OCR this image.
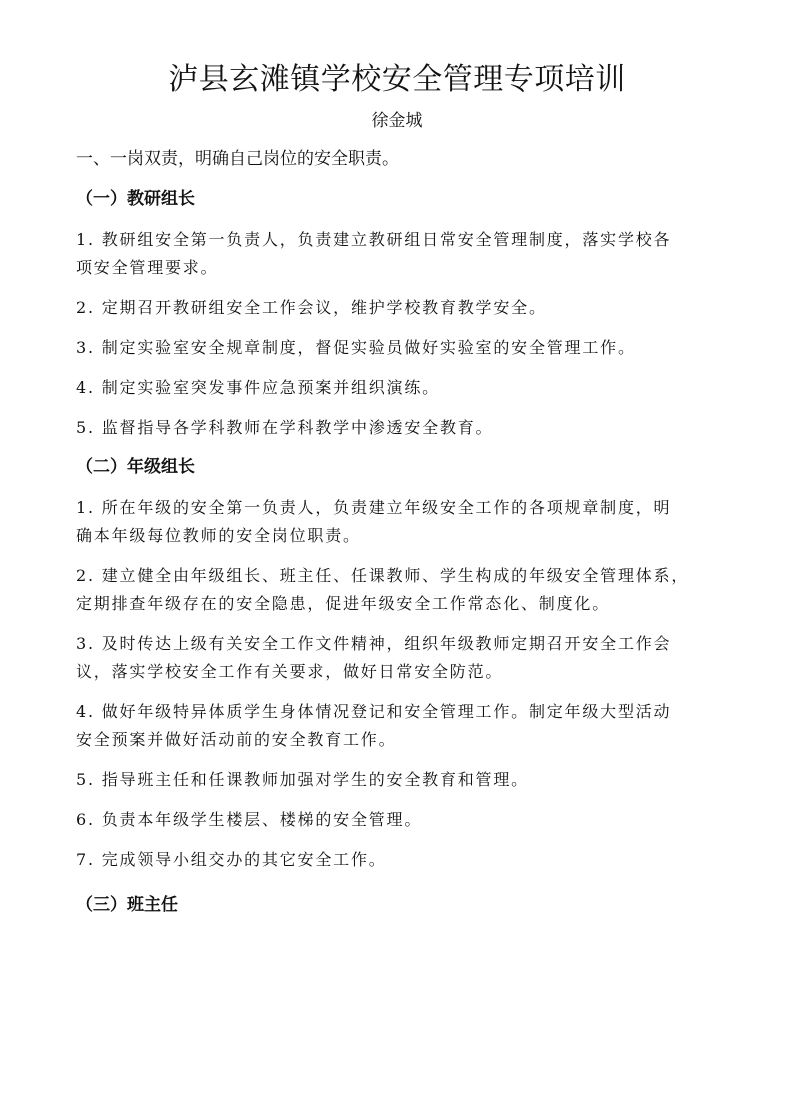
泸县玄滩镇学校安全管理专项培训
徐金城
一、一岗双责，明确自己岗位的安全职责。
（一）教研组长
1. 教研组安全第一负责人，负责建立教研组日常安全管理制度，落实学校各
项安全管理要求。
2. 定期召开教研组安全工作会议，维护学校教育教学安全。
3. 制定实验室安全规章制度，督促实验员做好实验室的安全管理工作。
4. 制定实验室突发事件应急预案并组织演练。
5. 监督指导各学科教师在学科教学中渗透安全教育。
（二）年级组长
1. 所在年级的安全第一负责人，负责建立年级安全工作的各项规章制度，明
确本年级每位教师的安全岗位职责。
2. 建立健全由年级组长、班主任、任课教师、学生构成的年级安全管理体系，
定期排查年级存在的安全隐患，促进年级安全工作常态化、制度化。
3. 及时传达上级有关安全工作文件精神，组织年级教师定期召开安全工作会
议，落实学校安全工作有关要求，做好日常安全防范。
4. 做好年级特异体质学生身体情况登记和安全管理工作。制定年级大型活动
安全预案并做好活动前的安全教育工作。
5. 指导班主任和任课教师加强对学生的安全教育和管理。
6. 负责本年级学生楼层、楼梯的安全管理。
7. 完成领导小组交办的其它安全工作。
（三）班主任
